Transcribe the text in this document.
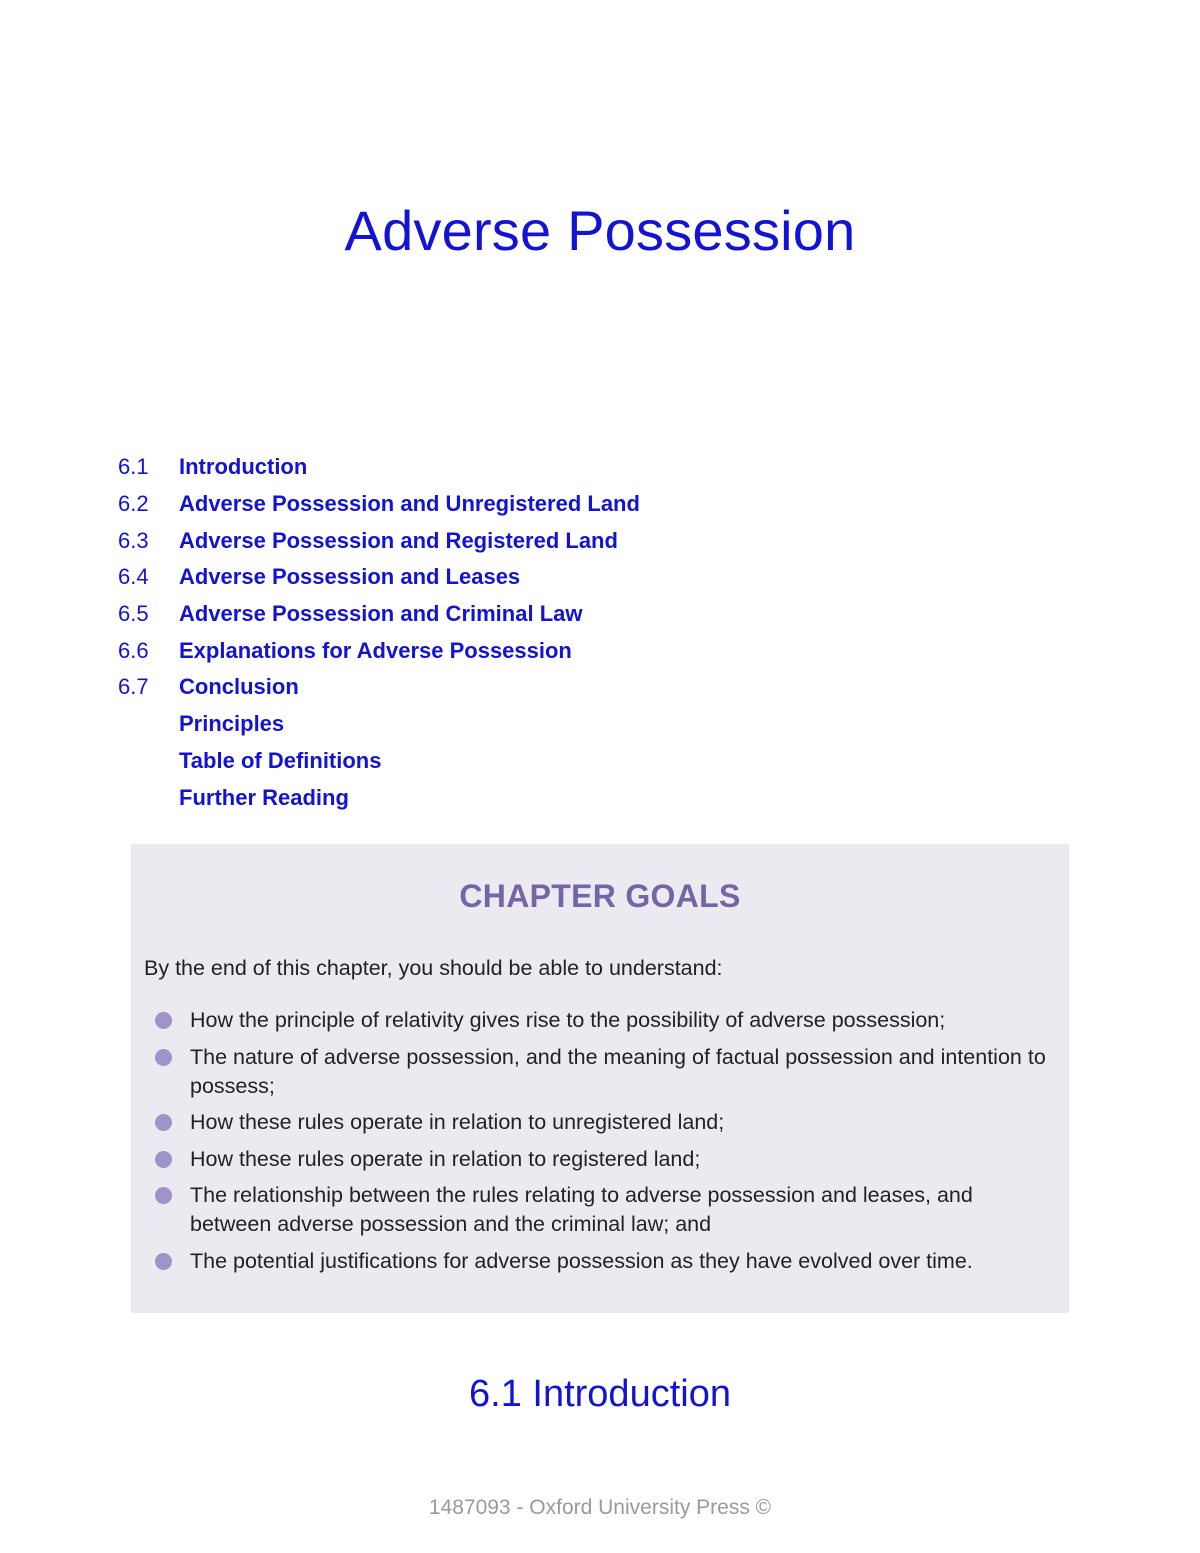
Adverse Possession
6.1	Introduction
6.2	Adverse Possession and Unregistered Land
6.3	Adverse Possession and Registered Land
6.4	Adverse Possession and Leases
6.5	Adverse Possession and Criminal Law
6.6	Explanations for Adverse Possession
6.7	Conclusion
Principles
Table of Definitions
Further Reading
CHAPTER GOALS

By the end of this chapter, you should be able to understand:

How the principle of relativity gives rise to the possibility of adverse possession;
The nature of adverse possession, and the meaning of factual possession and intention to possess;
How these rules operate in relation to unregistered land;
How these rules operate in relation to registered land;
The relationship between the rules relating to adverse possession and leases, and between adverse possession and the criminal law; and
The potential justifications for adverse possession as they have evolved over time.
6.1 Introduction

1487093 - Oxford University Press ©
